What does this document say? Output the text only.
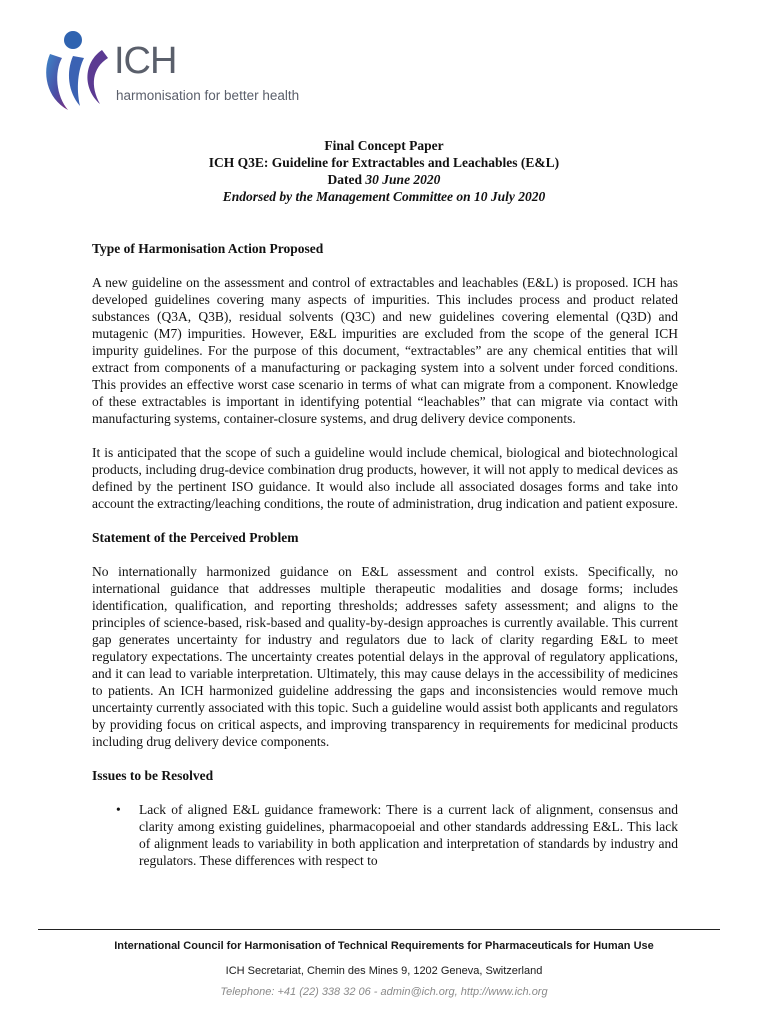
ICH
harmonisation for better health
Final Concept Paper
ICH Q3E: Guideline for Extractables and Leachables (E&L)
Dated 30 June 2020
Endorsed by the Management Committee on 10 July 2020
Type of Harmonisation Action Proposed
A new guideline on the assessment and control of extractables and leachables (E&L) is proposed. ICH has developed guidelines covering many aspects of impurities. This includes process and product related substances (Q3A, Q3B), residual solvents (Q3C) and new guidelines covering elemental (Q3D) and mutagenic (M7) impurities. However, E&L impurities are excluded from the scope of the general ICH impurity guidelines. For the purpose of this document, “extractables” are any chemical entities that will extract from components of a manufacturing or packaging system into a solvent under forced conditions. This provides an effective worst case scenario in terms of what can migrate from a component. Knowledge of these extractables is important in identifying potential “leachables” that can migrate via contact with manufacturing systems, container-closure systems, and drug delivery device components.
It is anticipated that the scope of such a guideline would include chemical, biological and biotechnological products, including drug-device combination drug products, however, it will not apply to medical devices as defined by the pertinent ISO guidance. It would also include all associated dosages forms and take into account the extracting/leaching conditions, the route of administration, drug indication and patient exposure.
Statement of the Perceived Problem
No internationally harmonized guidance on E&L assessment and control exists. Specifically, no international guidance that addresses multiple therapeutic modalities and dosage forms; includes identification, qualification, and reporting thresholds; addresses safety assessment; and aligns to the principles of science-based, risk-based and quality-by-design approaches is currently available. This current gap generates uncertainty for industry and regulators due to lack of clarity regarding E&L to meet regulatory expectations. The uncertainty creates potential delays in the approval of regulatory applications, and it can lead to variable interpretation. Ultimately, this may cause delays in the accessibility of medicines to patients. An ICH harmonized guideline addressing the gaps and inconsistencies would remove much uncertainty currently associated with this topic. Such a guideline would assist both applicants and regulators by providing focus on critical aspects, and improving transparency in requirements for medicinal products including drug delivery device components.
Issues to be Resolved
• Lack of aligned E&L guidance framework: There is a current lack of alignment, consensus and clarity among existing guidelines, pharmacopoeial and other standards addressing E&L. This lack of alignment leads to variability in both application and interpretation of standards by industry and regulators. These differences with respect to
International Council for Harmonisation of Technical Requirements for Pharmaceuticals for Human Use
ICH Secretariat, Chemin des Mines 9, 1202 Geneva, Switzerland
Telephone: +41 (22) 338 32 06 - admin@ich.org, http://www.ich.org
